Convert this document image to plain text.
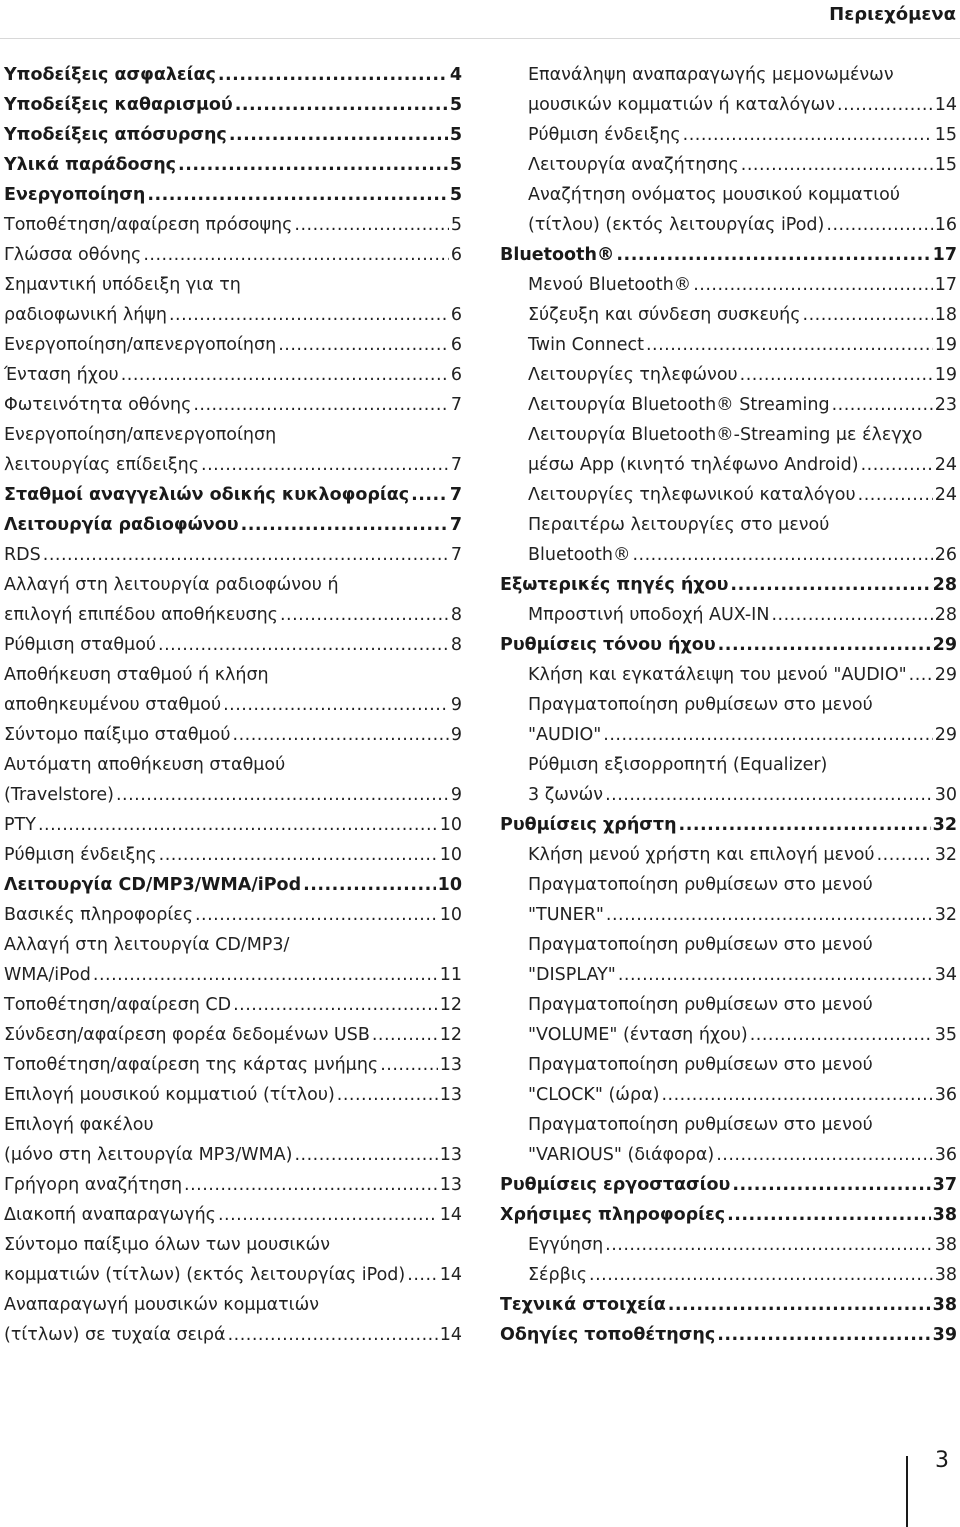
Περιεχόμενα
Υποδείξεις ασφαλείας .....	4
Υποδείξεις καθαρισμού .....	5
Υποδείξεις απόσυρσης .....	5
Υλικά παράδοσης .....	5
Ενεργοποίηση .....	5
Τοποθέτηση/αφαίρεση πρόσοψης .....	5
Γλώσσα οθόνης .....	6
Σημαντική υπόδειξη για τη
ραδιοφωνική λήψη .....	6
Ενεργοποίηση/απενεργοποίηση .....	6
Ένταση ήχου .....	6
Φωτεινότητα οθόνης .....	7
Ενεργοποίηση/απενεργοποίηση
λειτουργίας επίδειξης .....	7
Σταθμοί αναγγελιών οδικής κυκλοφορίας ..... 7
Λειτουργία ραδιοφώνου .....	7
RDS .....	7
Αλλαγή στη λειτουργία ραδιοφώνου ή
επιλογή επιπέδου αποθήκευσης .....	8
Ρύθμιση σταθμού .....	8
Αποθήκευση σταθμού ή κλήση
αποθηκευμένου σταθμού .....	9
Σύντομο παίξιμο σταθμού .....	9
Αυτόματη αποθήκευση σταθμού
(Travelstore) .....	9
PTY .....	10
Ρύθμιση ένδειξης .....	10
Λειτουργία CD/MP3/WMA/iPod .....	10
Βασικές πληροφορίες .....	10
Αλλαγή στη λειτουργία CD/MP3/
WMA/iPod .....	11
Τοποθέτηση/αφαίρεση CD .....	12
Σύνδεση/αφαίρεση φορέα δεδομένων USB .....	12
Τοποθέτηση/αφαίρεση της κάρτας μνήμης .....	13
Επιλογή μουσικού κομματιού (τίτλου) .....	13
Επιλογή φακέλου
(μόνο στη λειτουργία MP3/WMA) .....	13
Γρήγορη αναζήτηση .....	13
Διακοπή αναπαραγωγής .....	14
Σύντομο παίξιμο όλων των μουσικών
κομματιών (τίτλων) (εκτός λειτουργίας iPod) ..... 14
Αναπαραγωγή μουσικών κομματιών
(τίτλων) σε τυχαία σειρά .....	14
Επανάληψη αναπαραγωγής μεμονωμένων
μουσικών κομματιών ή καταλόγων .....	14
Ρύθμιση ένδειξης .....	15
Λειτουργία αναζήτησης .....	15
Αναζήτηση ονόματος μουσικού κομματιού
(τίτλου) (εκτός λειτουργίας iPod) .....	16
Bluetooth® .....	17
Μενού Bluetooth® .....	17
Σύζευξη και σύνδεση συσκευής .....	18
Twin Connect .....	19
Λειτουργίες τηλεφώνου .....	19
Λειτουργία Bluetooth® Streaming .....	23
Λειτουργία Bluetooth®-Streaming με έλεγχο
μέσω App (κινητό τηλέφωνο Android) .....	24
Λειτουργίες τηλεφωνικού καταλόγου .....	24
Περαιτέρω λειτουργίες στο μενού
Bluetooth® .....	26
Εξωτερικές πηγές ήχου .....	28
Μπροστινή υποδοχή AUX-IN .....	28
Ρυθμίσεις τόνου ήχου .....	29
Κλήση και εγκατάλειψη του μενού "AUDIO" ..... 29
Πραγματοποίηση ρυθμίσεων στο μενού
"AUDIO" .....	29
Ρύθμιση εξισορροπητή (Equalizer)
3 ζωνών .....	30
Ρυθμίσεις χρήστη .....	32
Κλήση μενού χρήστη και επιλογή μενού .....	32
Πραγματοποίηση ρυθμίσεων στο μενού
"TUNER" .....	32
Πραγματοποίηση ρυθμίσεων στο μενού
"DISPLAY" .....	34
Πραγματοποίηση ρυθμίσεων στο μενού
"VOLUME" (ένταση ήχου) .....	35
Πραγματοποίηση ρυθμίσεων στο μενού
"CLOCK" (ώρα) .....	36
Πραγματοποίηση ρυθμίσεων στο μενού
"VARIOUS" (διάφορα) .....	36
Ρυθμίσεις εργοστασίου .....	37
Χρήσιμες πληροφορίες .....	38
Εγγύηση .....	38
Σέρβις .....	38
Τεχνικά στοιχεία .....	38
Οδηγίες τοποθέτησης .....	39
3
